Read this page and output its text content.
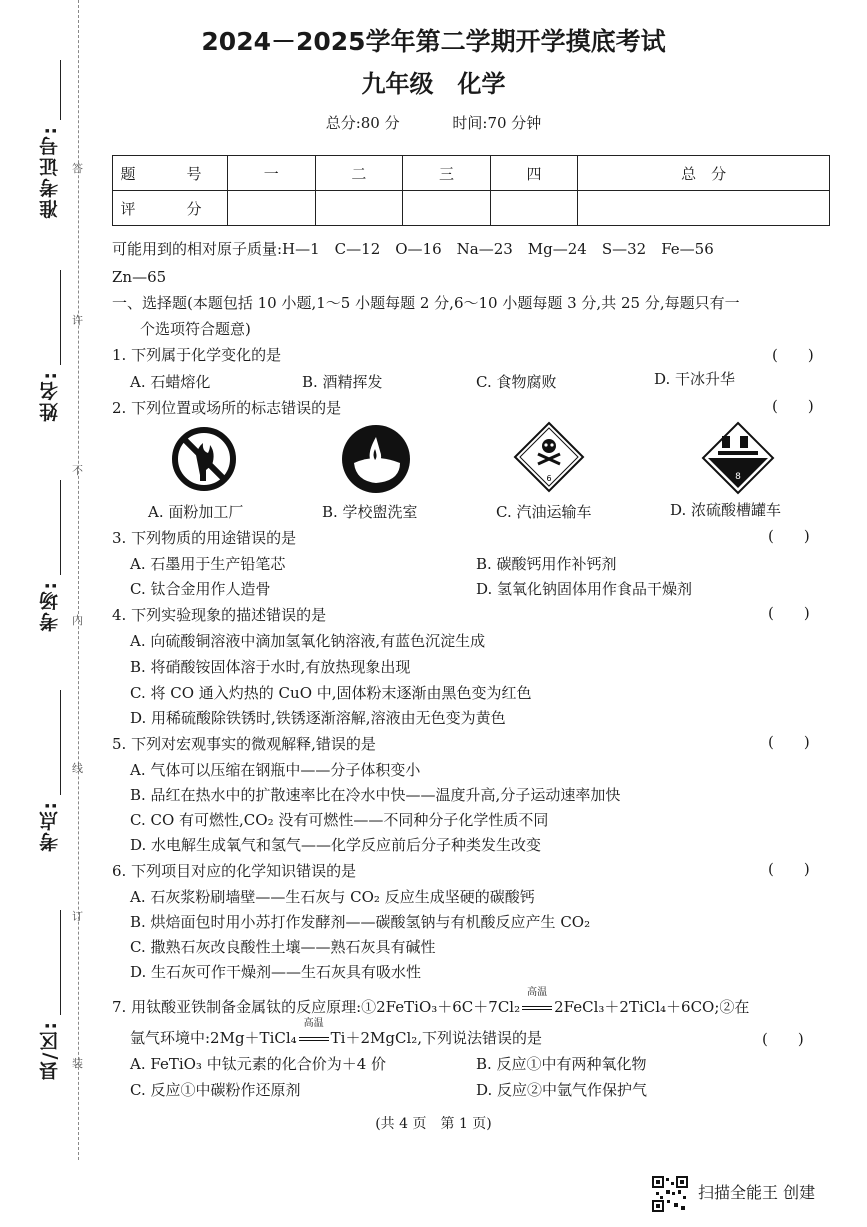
准考证号:
姓名:
考场:
考点:
县/区:
答
许
不
内
线
订
装
2024－2025学年第二学期开学摸底考试
九年级　化学
总分:80 分	时间:70 分钟
题　号	一	二	三	四	总　分
评　分					
可能用到的相对原子质量:H—1　C—12　O—16　Na—23　Mg—24　S—32　Fe—56
Zn—65
一、选择题(本题包括 10 小题,1～5 小题每题 2 分,6～10 小题每题 3 分,共 25 分,每题只有一
个选项符合题意)
1. 下列属于化学变化的是	(　　)
A. 石蜡熔化	B. 酒精挥发	C. 食物腐败	D. 干冰升华
2. 下列位置或场所的标志错误的是	(　　)
6	8
A. 面粉加工厂	B. 学校盥洗室	C. 汽油运输车	D. 浓硫酸槽罐车
3. 下列物质的用途错误的是	(　　)
A. 石墨用于生产铅笔芯	B. 碳酸钙用作补钙剂
C. 钛合金用作人造骨	D. 氢氧化钠固体用作食品干燥剂
4. 下列实验现象的描述错误的是	(　　)
A. 向硫酸铜溶液中滴加氢氧化钠溶液,有蓝色沉淀生成
B. 将硝酸铵固体溶于水时,有放热现象出现
C. 将 CO 通入灼热的 CuO 中,固体粉末逐渐由黑色变为红色
D. 用稀硫酸除铁锈时,铁锈逐渐溶解,溶液由无色变为黄色
5. 下列对宏观事实的微观解释,错误的是	(　　)
A. 气体可以压缩在钢瓶中——分子体积变小
B. 品红在热水中的扩散速率比在冷水中快——温度升高,分子运动速率加快
C. CO 有可燃性,CO₂ 没有可燃性——不同种分子化学性质不同
D. 水电解生成氧气和氢气——化学反应前后分子种类发生改变
6. 下列项目对应的化学知识错误的是	(　　)
A. 石灰浆粉刷墙壁——生石灰与 CO₂ 反应生成坚硬的碳酸钙
B. 烘焙面包时用小苏打作发酵剂——碳酸氢钠与有机酸反应产生 CO₂
C. 撒熟石灰改良酸性土壤——熟石灰具有碱性
D. 生石灰可作干燥剂——生石灰具有吸水性
7. 用钛酸亚铁制备金属钛的反应原理:①2FeTiO₃＋6C＋7Cl₂
高温
2FeCl₃＋2TiCl₄＋6CO;②在
氩气环境中:2Mg＋TiCl₄
高温
Ti＋2MgCl₂,下列说法错误的是	(　　)
A. FeTiO₃ 中钛元素的化合价为＋4 价	B. 反应①中有两种氧化物
C. 反应①中碳粉作还原剂	D. 反应②中氩气作保护气
(共 4 页　第 1 页)
扫描全能王 创建
